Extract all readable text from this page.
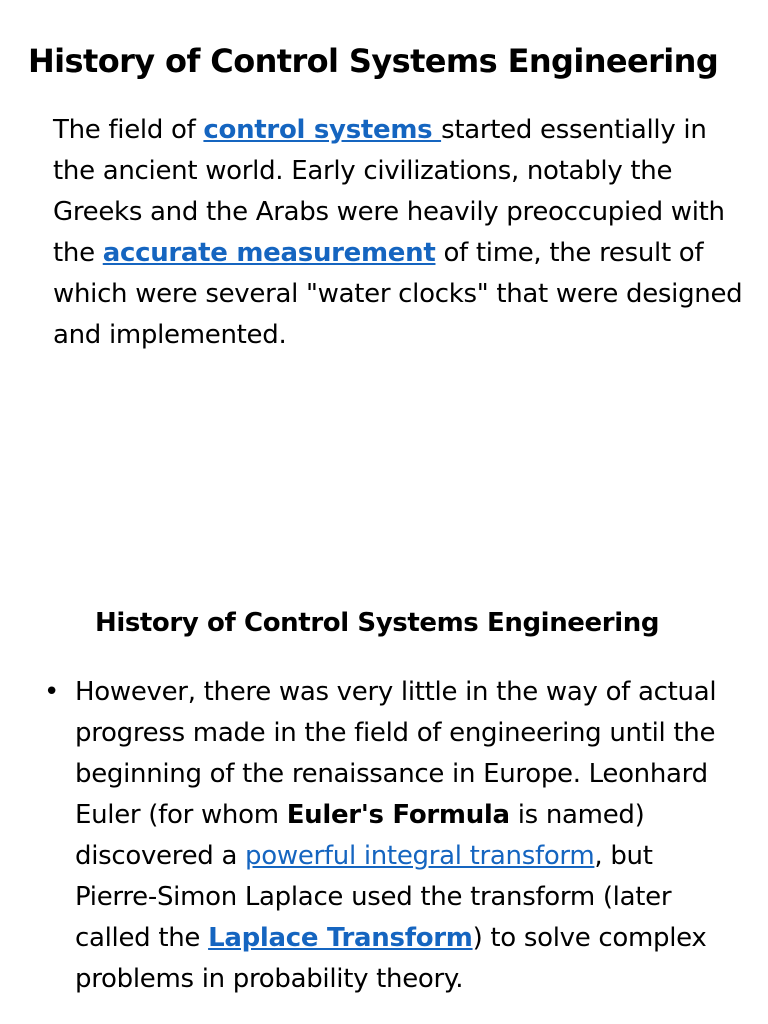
History of Control Systems Engineering

The field of control systems started essentially in the ancient world. Early civilizations, notably the Greeks and the Arabs were heavily preoccupied with the accurate measurement of time, the result of which were several "water clocks" that were designed and implemented.

History of Control Systems Engineering
• However, there was very little in the way of actual progress made in the field of engineering until the beginning of the renaissance in Europe. Leonhard Euler (for whom Euler's Formula is named) discovered a powerful integral transform, but Pierre-Simon Laplace used the transform (later called the Laplace Transform) to solve complex problems in probability theory.
